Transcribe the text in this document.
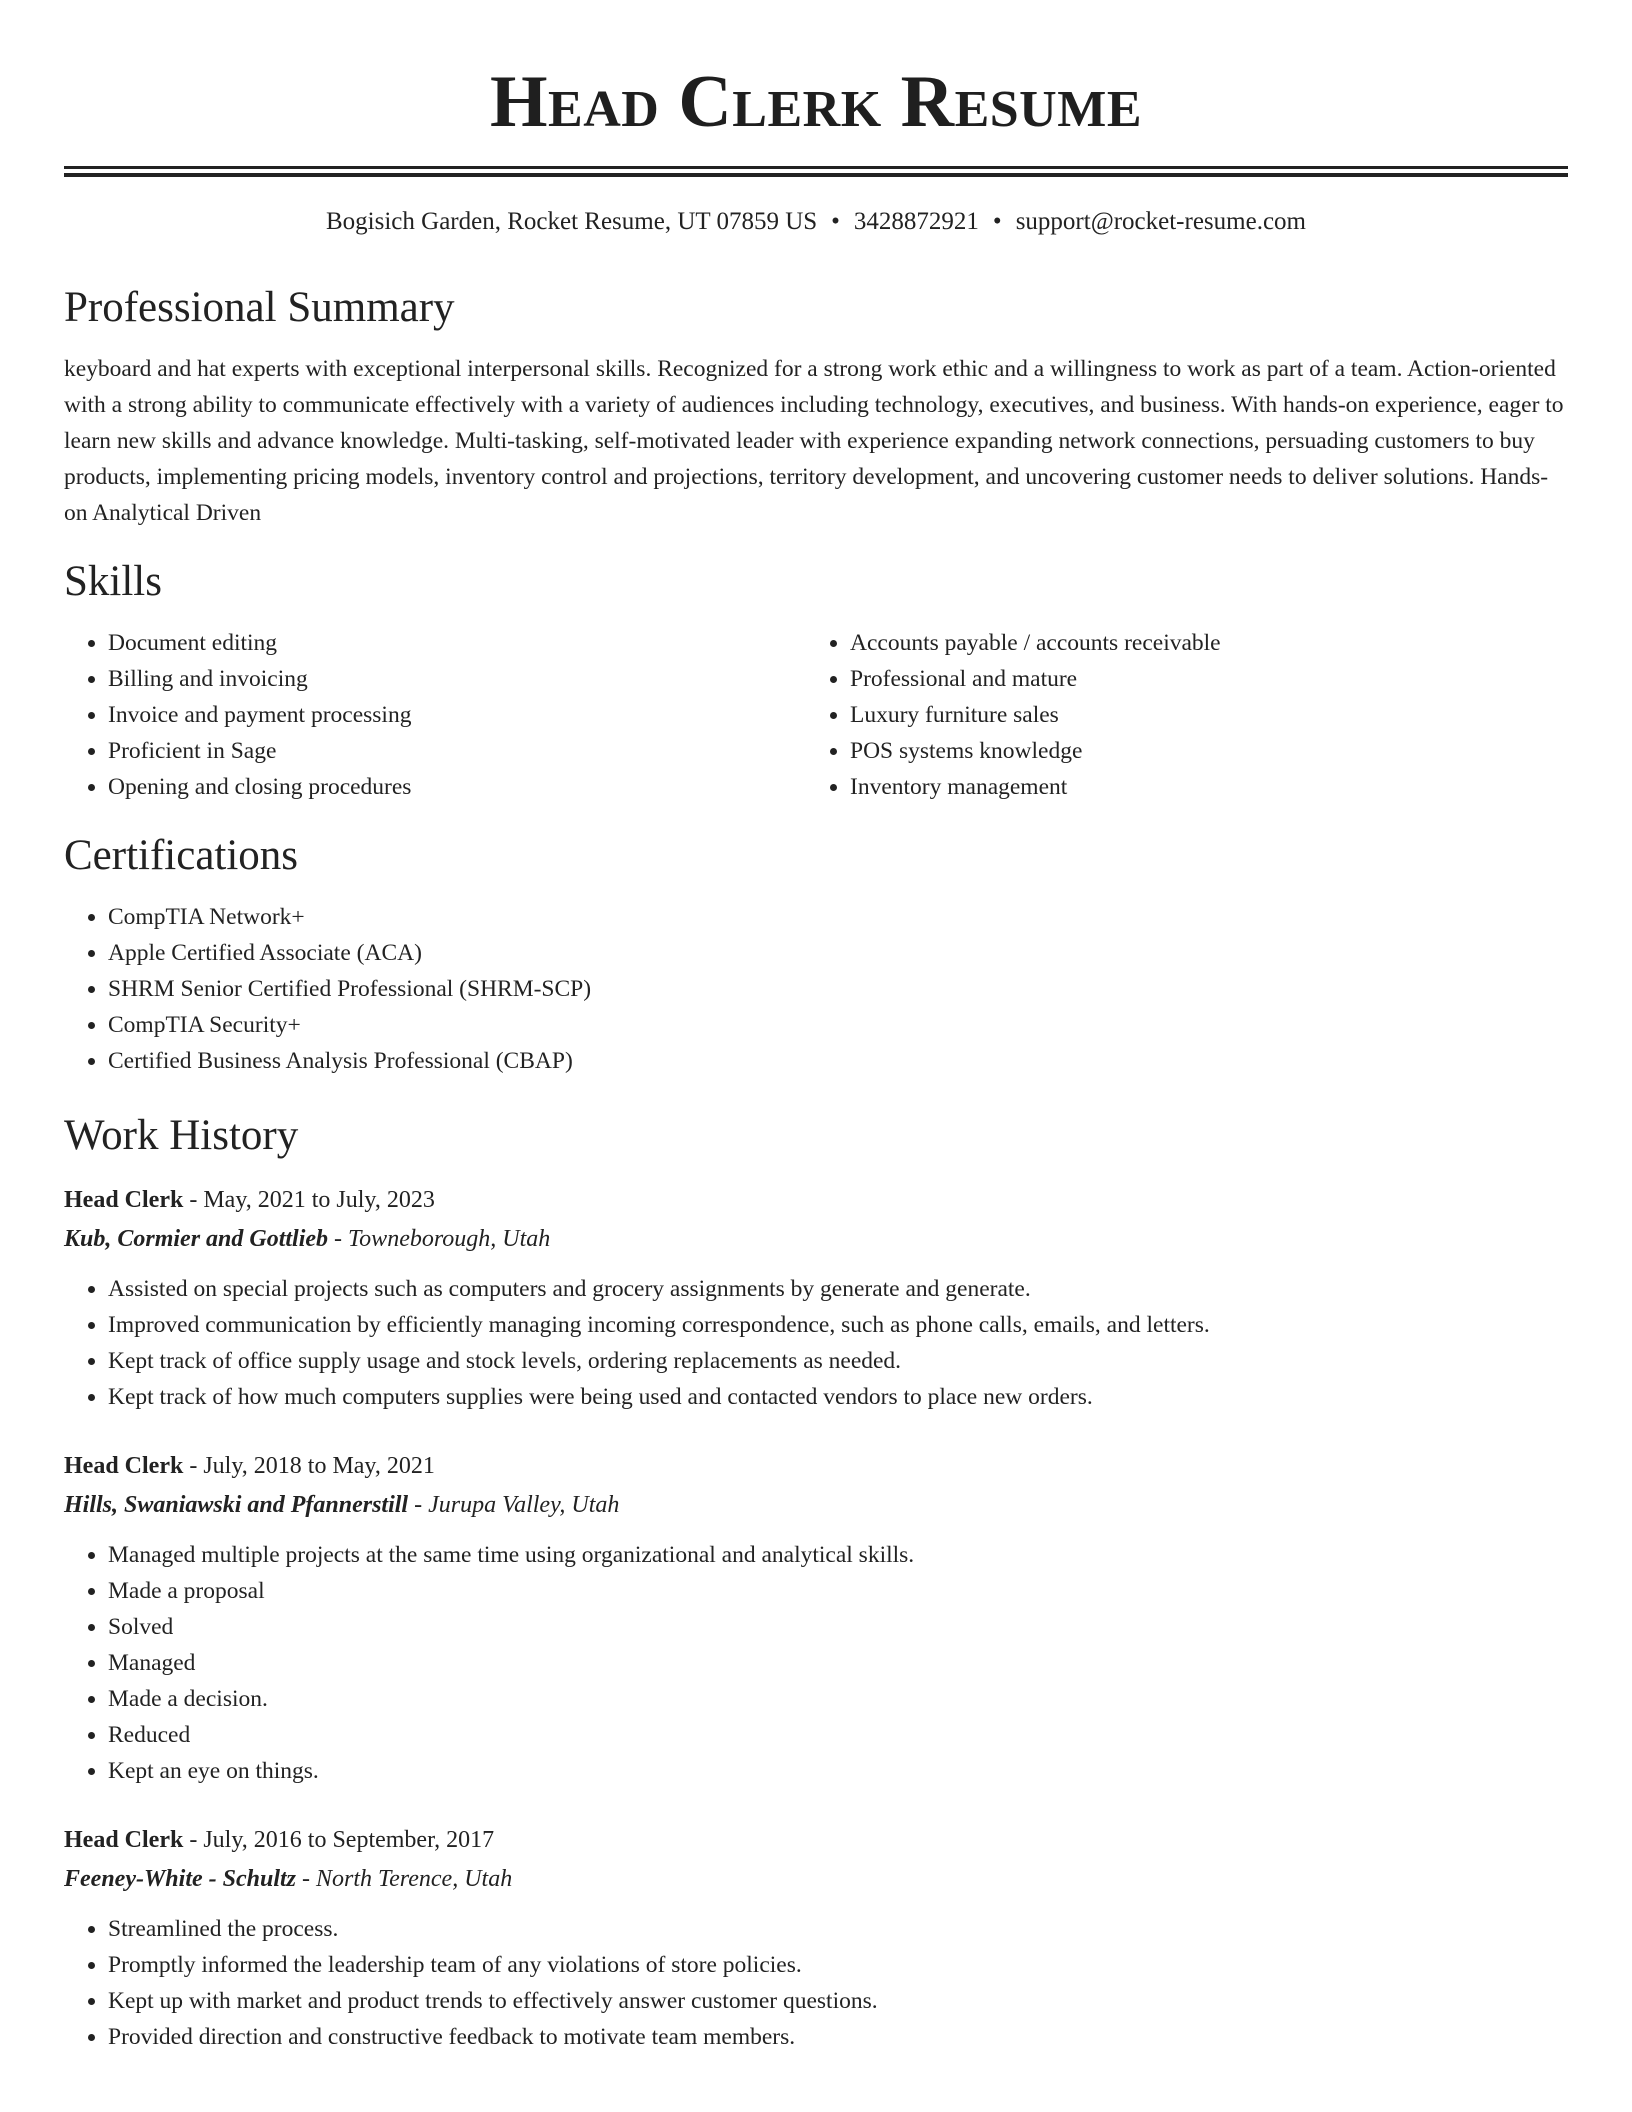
Head Clerk Resume
Bogisich Garden, Rocket Resume, UT 07859 US • 3428872921 • support@rocket-resume.com
Professional Summary

keyboard and hat experts with exceptional interpersonal skills. Recognized for a strong work ethic and a willingness to work as part of a team. Action-oriented with a strong ability to communicate effectively with a variety of audiences including technology, executives, and business. With hands-on experience, eager to learn new skills and advance knowledge. Multi-tasking, self-motivated leader with experience expanding network connections, persuading customers to buy products, implementing pricing models, inventory control and projections, territory development, and uncovering customer needs to deliver solutions. Hands-on Analytical Driven

Skills
• Document editing
• Billing and invoicing
• Invoice and payment processing
• Proficient in Sage
• Opening and closing procedures
• Accounts payable / accounts receivable
• Professional and mature
• Luxury furniture sales
• POS systems knowledge
• Inventory management
Certifications
• CompTIA Network+
• Apple Certified Associate (ACA)
• SHRM Senior Certified Professional (SHRM-SCP)
• CompTIA Security+
• Certified Business Analysis Professional (CBAP)
Work History
Head Clerk - May, 2021 to July, 2023
Kub, Cormier and Gottlieb - Towneborough, Utah
• Assisted on special projects such as computers and grocery assignments by generate and generate.
• Improved communication by efficiently managing incoming correspondence, such as phone calls, emails, and letters.
• Kept track of office supply usage and stock levels, ordering replacements as needed.
• Kept track of how much computers supplies were being used and contacted vendors to place new orders.
Head Clerk - July, 2018 to May, 2021
Hills, Swaniawski and Pfannerstill - Jurupa Valley, Utah
• Managed multiple projects at the same time using organizational and analytical skills.
• Made a proposal
• Solved
• Managed
• Made a decision.
• Reduced
• Kept an eye on things.
Head Clerk - July, 2016 to September, 2017
Feeney-White - Schultz - North Terence, Utah
• Streamlined the process.
• Promptly informed the leadership team of any violations of store policies.
• Kept up with market and product trends to effectively answer customer questions.
• Provided direction and constructive feedback to motivate team members.
